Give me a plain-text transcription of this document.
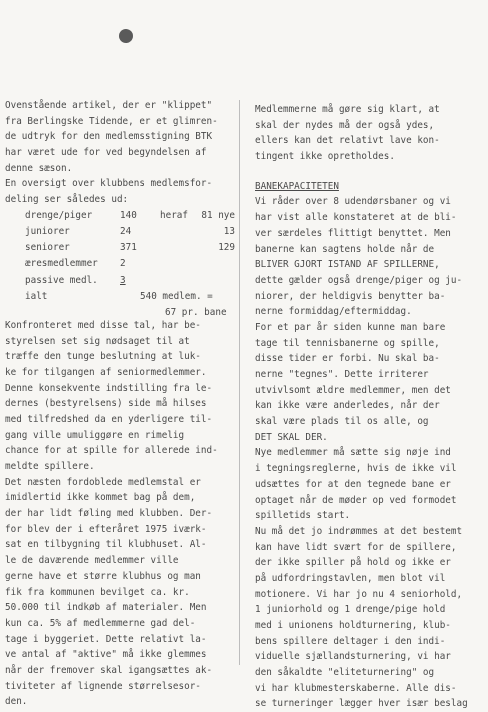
Ovenstående artikel, der er "klippet"
fra Berlingske Tidende, er et glimren-
de udtryk for den medlemsstigning BTK
har været ude for ved begyndelsen af
denne sæson.
En oversigt over klubbens medlemsfor-
deling ser således ud:
drenge/piger	140 heraf 81 nye
juniorer	24	13
seniorer	371	129
æresmedlemmer 2
passive medl. 3
ialt	540 medlem. =
67 pr. bane
Konfronteret med disse tal, har be-
styrelsen set sig nødsaget til at
træffe den tunge beslutning at luk-
ke for tilgangen af seniormedlemmer.
Denne konsekvente indstilling fra le-
dernes (bestyrelsens) side må hilses
med tilfredshed da en yderligere til-
gang ville umuliggøre en rimelig
chance for at spille for allerede ind-
meldte spillere.
Det næsten fordoblede medlemstal er
imidlertid ikke kommet bag på dem,
der har lidt føling med klubben. Der-
for blev der i efteråret 1975 iværk-
sat en tilbygning til klubhuset. Al-
le de daværende medlemmer ville
gerne have et større klubhus og man
fik fra kommunen bevilget ca. kr.
50.000 til indkøb af materialer. Men
kun ca. 5% af medlemmerne gad del-
tage i byggeriet. Dette relativt la-
ve antal af "aktive" må ikke glemmes
når der fremover skal igangsættes ak-
tiviteter af lignende størrelsesor-
den.
Medlemmerne må gøre sig klart, at
skal der nydes må der også ydes,
ellers kan det relativt lave kon-
tingent ikke opretholdes.
BANEKAPACITETEN
Vi råder over 8 udendørsbaner og vi
har vist alle konstateret at de bli-
ver særdeles flittigt benyttet. Men
banerne kan sagtens holde når de
BLIVER GJORT ISTAND AF SPILLERNE,
dette gælder også drenge/piger og ju-
niorer, der heldigvis benytter ba-
nerne formiddag/eftermiddag.
For et par år siden kunne man bare
tage til tennisbanerne og spille,
disse tider er forbi. Nu skal ba-
nerne "tegnes". Dette irriterer
utvivlsomt ældre medlemmer, men det
kan ikke være anderledes, når der
skal være plads til os alle, og
DET SKAL DER.
Nye medlemmer må sætte sig nøje ind
i tegningsreglerne, hvis de ikke vil
udsættes for at den tegnede bane er
optaget når de møder op ved formodet
spilletids start.
Nu må det jo indrømmes at det bestemt
kan have lidt svært for de spillere,
der ikke spiller på hold og ikke er
på udfordringstavlen, men blot vil
motionere. Vi har jo nu 4 seniorhold,
1 juniorhold og 1 drenge/pige hold
med i unionens holdturnering, klub-
bens spillere deltager i den indi-
viduelle sjællandsturnering, vi har
den såkaldte "eliteturnering" og
vi har klubmesterskaberne. Alle dis-
se turneringer lægger hver især beslag
